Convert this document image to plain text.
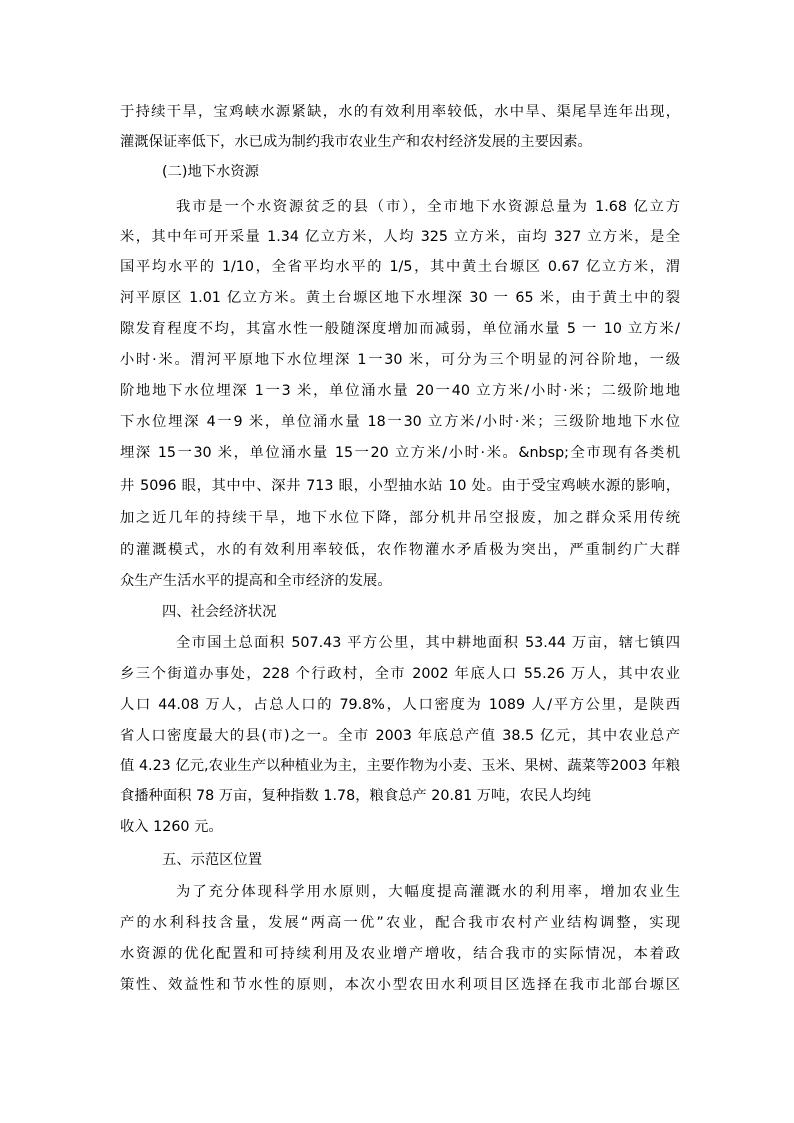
于持续干旱，宝鸡峡水源紧缺，水的有效利用率较低，水中旱、渠尾旱连年出现，
灌溉保证率低下，水已成为制约我市农业生产和农村经济发展的主要因素。
(二)地下水资源
我市是一个水资源贫乏的县（市），全市地下水资源总量为 1.68 亿立方
米，其中年可开采量 1.34 亿立方米，人均 325 立方米，亩均 327 立方米，是全
国平均水平的 1/10，全省平均水平的 1/5，其中黄土台塬区 0.67 亿立方米，渭
河平原区 1.01 亿立方米。黄土台塬区地下水埋深 30 一 65 米，由于黄土中的裂
隙发育程度不均，其富水性一般随深度增加而减弱，单位涌水量 5 一 10 立方米/
小时·米。渭河平原地下水位埋深 1一30 米，可分为三个明显的河谷阶地，一级
阶地地下水位埋深 1一3 米，单位涌水量 20一40 立方米/小时·米；二级阶地地
下水位埋深 4一9 米，单位涌水量 18一30 立方米/小时·米；三级阶地地下水位
埋深 15一30 米，单位涌水量 15一20 立方米/小时·米。&nbsp;全市现有各类机
井 5096 眼，其中中、深井 713 眼，小型抽水站 10 处。由于受宝鸡峡水源的影响，
加之近几年的持续干旱，地下水位下降，部分机井吊空报废，加之群众采用传统
的灌溉模式，水的有效利用率较低，农作物灌水矛盾极为突出，严重制约广大群
众生产生活水平的提高和全市经济的发展。
四、社会经济状况
全市国土总面积 507.43 平方公里，其中耕地面积 53.44 万亩，辖七镇四
乡三个街道办事处，228 个行政村，全市 2002 年底人口 55.26 万人，其中农业
人口 44.08 万人，占总人口的 79.8%，人口密度为 1089 人/平方公里，是陕西
省人口密度最大的县(市)之一。全市 2003 年底总产值 38.5 亿元，其中农业总产
值 4.23 亿元,农业生产以种植业为主，主要作物为小麦、玉米、果树、蔬菜等2003 年粮食播种面积 78 万亩，复种指数 1.78，粮食总产 20.81 万吨，农民人均纯
收入 1260 元。
五、示范区位置
为了充分体现科学用水原则，大幅度提高灌溉水的利用率，增加农业生
产的水利科技含量，发展“两高一优”农业，配合我市农村产业结构调整，实现
水资源的优化配置和可持续利用及农业增产增收，结合我市的实际情况，本着政
策性、效益性和节水性的原则，本次小型农田水利项目区选择在我市北部台塬区
